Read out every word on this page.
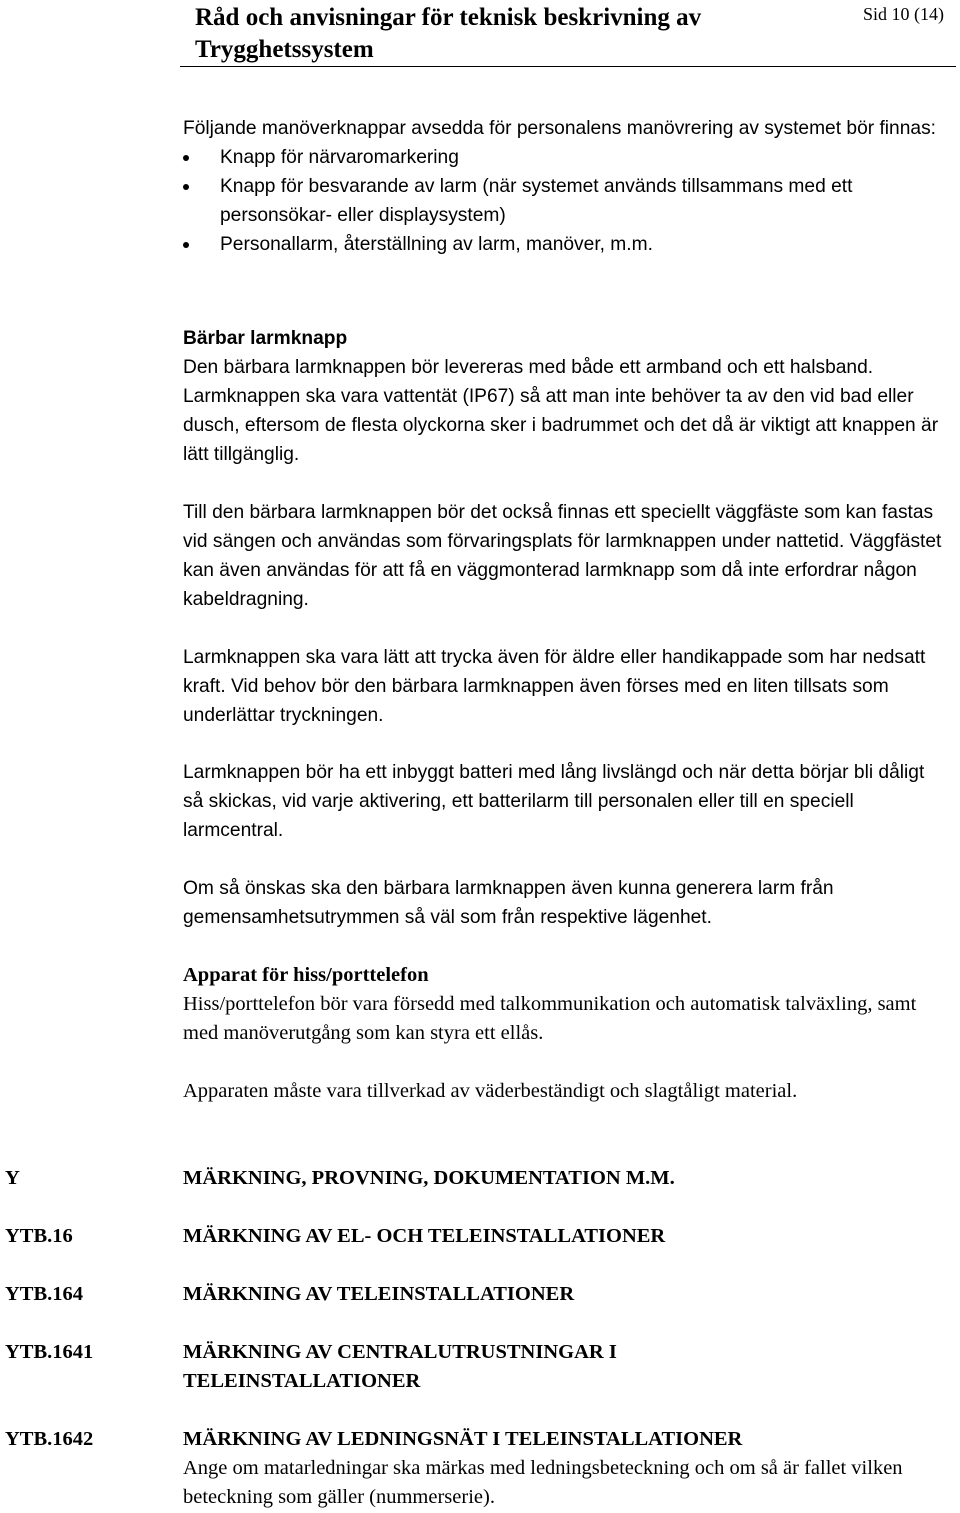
Råd och anvisningar för teknisk beskrivning av
Trygghetssystem
Sid 10 (14)
Följande manöverknappar avsedda för personalens manövrering av systemet bör finnas:
Knapp för närvaromarkering
Knapp för besvarande av larm (när systemet används tillsammans med ett personsökar- eller displaysystem)
Personallarm, återställning av larm, manöver, m.m.
Bärbar larmknapp
Den bärbara larmknappen bör levereras med både ett armband och ett halsband. Larmknappen ska vara vattentät (IP67) så att man inte behöver ta av den vid bad eller dusch, eftersom de flesta olyckorna sker i badrummet och det då är viktigt att knappen är lätt tillgänglig.
Till den bärbara larmknappen bör det också finnas ett speciellt väggfäste som kan fastas vid sängen och användas som förvaringsplats för larmknappen under nattetid. Väggfästet kan även användas för att få en väggmonterad larmknapp som då inte erfordrar någon kabeldragning.
Larmknappen ska vara lätt att trycka även för äldre eller handikappade som har nedsatt kraft. Vid behov bör den bärbara larmknappen även förses med en liten tillsats som underlättar tryckningen.
Larmknappen bör ha ett inbyggt batteri med lång livslängd och när detta börjar bli dåligt så skickas, vid varje aktivering, ett batterilarm till personalen eller till en speciell larmcentral.
Om så önskas ska den bärbara larmknappen även kunna generera larm från gemensamhetsutrymmen så väl som från respektive lägenhet.
Apparat för hiss/porttelefon
Hiss/porttelefon bör vara försedd med talkommunikation och automatisk talväxling, samt med manöverutgång som kan styra ett ellås.
Apparaten måste vara tillverkad av väderbeständigt och slagtåligt material.
Y	MÄRKNING, PROVNING, DOKUMENTATION M.M.
YTB.16	MÄRKNING AV EL- OCH TELEINSTALLATIONER
YTB.164	MÄRKNING AV TELEINSTALLATIONER
YTB.1641	MÄRKNING AV CENTRALUTRUSTNINGAR I TELEINSTALLATIONER
YTB.1642	MÄRKNING AV LEDNINGSNÄT I TELEINSTALLATIONER
Ange om matarledningar ska märkas med ledningsbeteckning och om så är fallet vilken beteckning som gäller (nummerserie).
